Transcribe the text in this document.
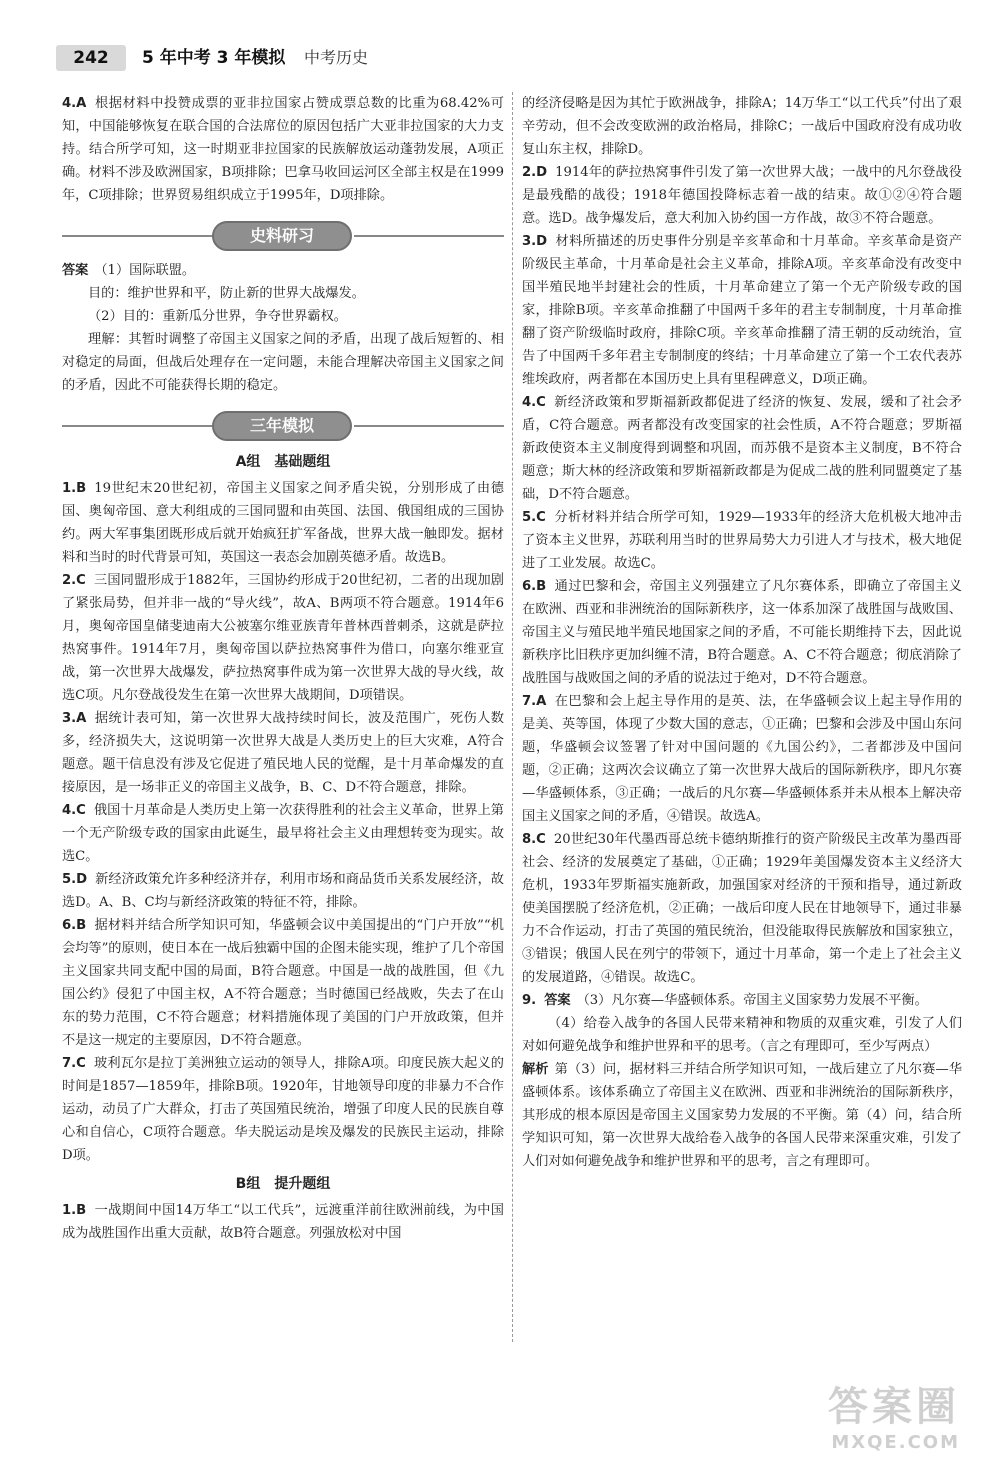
242	5 年中考 3 年模拟 中考历史

4.A 根据材料中投赞成票的亚非拉国家占赞成票总数的比重为68.42%可知，中国能够恢复在联合国的合法席位的原因包括广大亚非拉国家的大力支持。结合所学可知，这一时期亚非拉国家的民族解放运动蓬勃发展，A项正确。材料不涉及欧洲国家，B项排除；巴拿马收回运河区全部主权是在1999年，C项排除；世界贸易组织成立于1995年，D项排除。

史料研习

答案 （1）国际联盟。

目的：维护世界和平，防止新的世界大战爆发。

（2）目的：重新瓜分世界，争夺世界霸权。

理解：其暂时调整了帝国主义国家之间的矛盾，出现了战后短暂的、相对稳定的局面，但战后处理存在一定问题，未能合理解决帝国主义国家之间的矛盾，因此不可能获得长期的稳定。

三年模拟
A组　基础题组

1.B 19世纪末20世纪初，帝国主义国家之间矛盾尖锐，分别形成了由德国、奥匈帝国、意大利组成的三国同盟和由英国、法国、俄国组成的三国协约。两大军事集团既形成后就开始疯狂扩军备战，世界大战一触即发。据材料和当时的时代背景可知，英国这一表态会加剧英德矛盾。故选B。

2.C 三国同盟形成于1882年，三国协约形成于20世纪初，二者的出现加剧了紧张局势，但并非一战的“导火线”，故A、B两项不符合题意。1914年6月，奥匈帝国皇储斐迪南大公被塞尔维亚族青年普林西普刺杀，这就是萨拉热窝事件。1914年7月，奥匈帝国以萨拉热窝事件为借口，向塞尔维亚宣战，第一次世界大战爆发，萨拉热窝事件成为第一次世界大战的导火线，故选C项。凡尔登战役发生在第一次世界大战期间，D项错误。

3.A 据统计表可知，第一次世界大战持续时间长，波及范围广，死伤人数多，经济损失大，这说明第一次世界大战是人类历史上的巨大灾难，A符合题意。题干信息没有涉及它促进了殖民地人民的觉醒，是十月革命爆发的直接原因，是一场非正义的帝国主义战争，B、C、D不符合题意，排除。

4.C 俄国十月革命是人类历史上第一次获得胜利的社会主义革命，世界上第一个无产阶级专政的国家由此诞生，最早将社会主义由理想转变为现实。故选C。

5.D 新经济政策允许多种经济并存，利用市场和商品货币关系发展经济，故选D。A、B、C均与新经济政策的特征不符，排除。

6.B 据材料并结合所学知识可知，华盛顿会议中美国提出的“门户开放”“机会均等”的原则，使日本在一战后独霸中国的企图未能实现，维护了几个帝国主义国家共同支配中国的局面，B符合题意。中国是一战的战胜国，但《九国公约》侵犯了中国主权，A不符合题意；当时德国已经战败，失去了在山东的势力范围，C不符合题意；材料措施体现了美国的门户开放政策，但并不是这一规定的主要原因，D不符合题意。

7.C 玻利瓦尔是拉丁美洲独立运动的领导人，排除A项。印度民族大起义的时间是1857—1859年，排除B项。1920年，甘地领导印度的非暴力不合作运动，动员了广大群众，打击了英国殖民统治，增强了印度人民的民族自尊心和自信心，C项符合题意。华夫脱运动是埃及爆发的民族民主运动，排除D项。

B组　提升题组

1.B 一战期间中国14万华工“以工代兵”，远渡重洋前往欧洲前线，为中国成为战胜国作出重大贡献，故B符合题意。列强放松对中国

的经济侵略是因为其忙于欧洲战争，排除A；14万华工“以工代兵”付出了艰辛劳动，但不会改变欧洲的政治格局，排除C；一战后中国政府没有成功收复山东主权，排除D。

2.D 1914年的萨拉热窝事件引发了第一次世界大战；一战中的凡尔登战役是最残酷的战役；1918年德国投降标志着一战的结束。故①②④符合题意。选D。战争爆发后，意大利加入协约国一方作战，故③不符合题意。

3.D 材料所描述的历史事件分别是辛亥革命和十月革命。辛亥革命是资产阶级民主革命，十月革命是社会主义革命，排除A项。辛亥革命没有改变中国半殖民地半封建社会的性质，十月革命建立了第一个无产阶级专政的国家，排除B项。辛亥革命推翻了中国两千多年的君主专制制度，十月革命推翻了资产阶级临时政府，排除C项。辛亥革命推翻了清王朝的反动统治，宣告了中国两千多年君主专制制度的终结；十月革命建立了第一个工农代表苏维埃政府，两者都在本国历史上具有里程碑意义，D项正确。

4.C 新经济政策和罗斯福新政都促进了经济的恢复、发展，缓和了社会矛盾，C符合题意。两者都没有改变国家的社会性质，A不符合题意；罗斯福新政使资本主义制度得到调整和巩固，而苏俄不是资本主义制度，B不符合题意；斯大林的经济政策和罗斯福新政都是为促成二战的胜利同盟奠定了基础，D不符合题意。

5.C 分析材料并结合所学可知，1929—1933年的经济大危机极大地冲击了资本主义世界，苏联利用当时的世界局势大力引进人才与技术，极大地促进了工业发展。故选C。

6.B 通过巴黎和会，帝国主义列强建立了凡尔赛体系，即确立了帝国主义在欧洲、西亚和非洲统治的国际新秩序，这一体系加深了战胜国与战败国、帝国主义与殖民地半殖民地国家之间的矛盾，不可能长期维持下去，因此说新秩序比旧秩序更加纠缠不清，B符合题意。A、C不符合题意；彻底消除了战胜国与战败国之间的矛盾的说法过于绝对，D不符合题意。

7.A 在巴黎和会上起主导作用的是英、法，在华盛顿会议上起主导作用的是美、英等国，体现了少数大国的意志，①正确；巴黎和会涉及中国山东问题，华盛顿会议签署了针对中国问题的《九国公约》，二者都涉及中国问题，②正确；这两次会议确立了第一次世界大战后的国际新秩序，即凡尔赛—华盛顿体系，③正确；一战后的凡尔赛—华盛顿体系并未从根本上解决帝国主义国家之间的矛盾，④错误。故选A。

8.C 20世纪30年代墨西哥总统卡德纳斯推行的资产阶级民主改革为墨西哥社会、经济的发展奠定了基础，①正确；1929年美国爆发资本主义经济大危机，1933年罗斯福实施新政，加强国家对经济的干预和指导，通过新政使美国摆脱了经济危机，②正确；一战后印度人民在甘地领导下，通过非暴力不合作运动，打击了英国的殖民统治，但没能取得民族解放和国家独立，③错误；俄国人民在列宁的带领下，通过十月革命，第一个走上了社会主义的发展道路，④错误。故选C。

9. 答案 （3）凡尔赛—华盛顿体系。帝国主义国家势力发展不平衡。

（4）给卷入战争的各国人民带来精神和物质的双重灾难，引发了人们对如何避免战争和维护世界和平的思考。（言之有理即可，至少写两点）

解析 第（3）问，据材料三并结合所学知识可知，一战后建立了凡尔赛—华盛顿体系。该体系确立了帝国主义在欧洲、西亚和非洲统治的国际新秩序，其形成的根本原因是帝国主义国家势力发展的不平衡。第（4）问，结合所学知识可知，第一次世界大战给卷入战争的各国人民带来深重灾难，引发了人们对如何避免战争和维护世界和平的思考，言之有理即可。

答案圈
MXQE.COM
